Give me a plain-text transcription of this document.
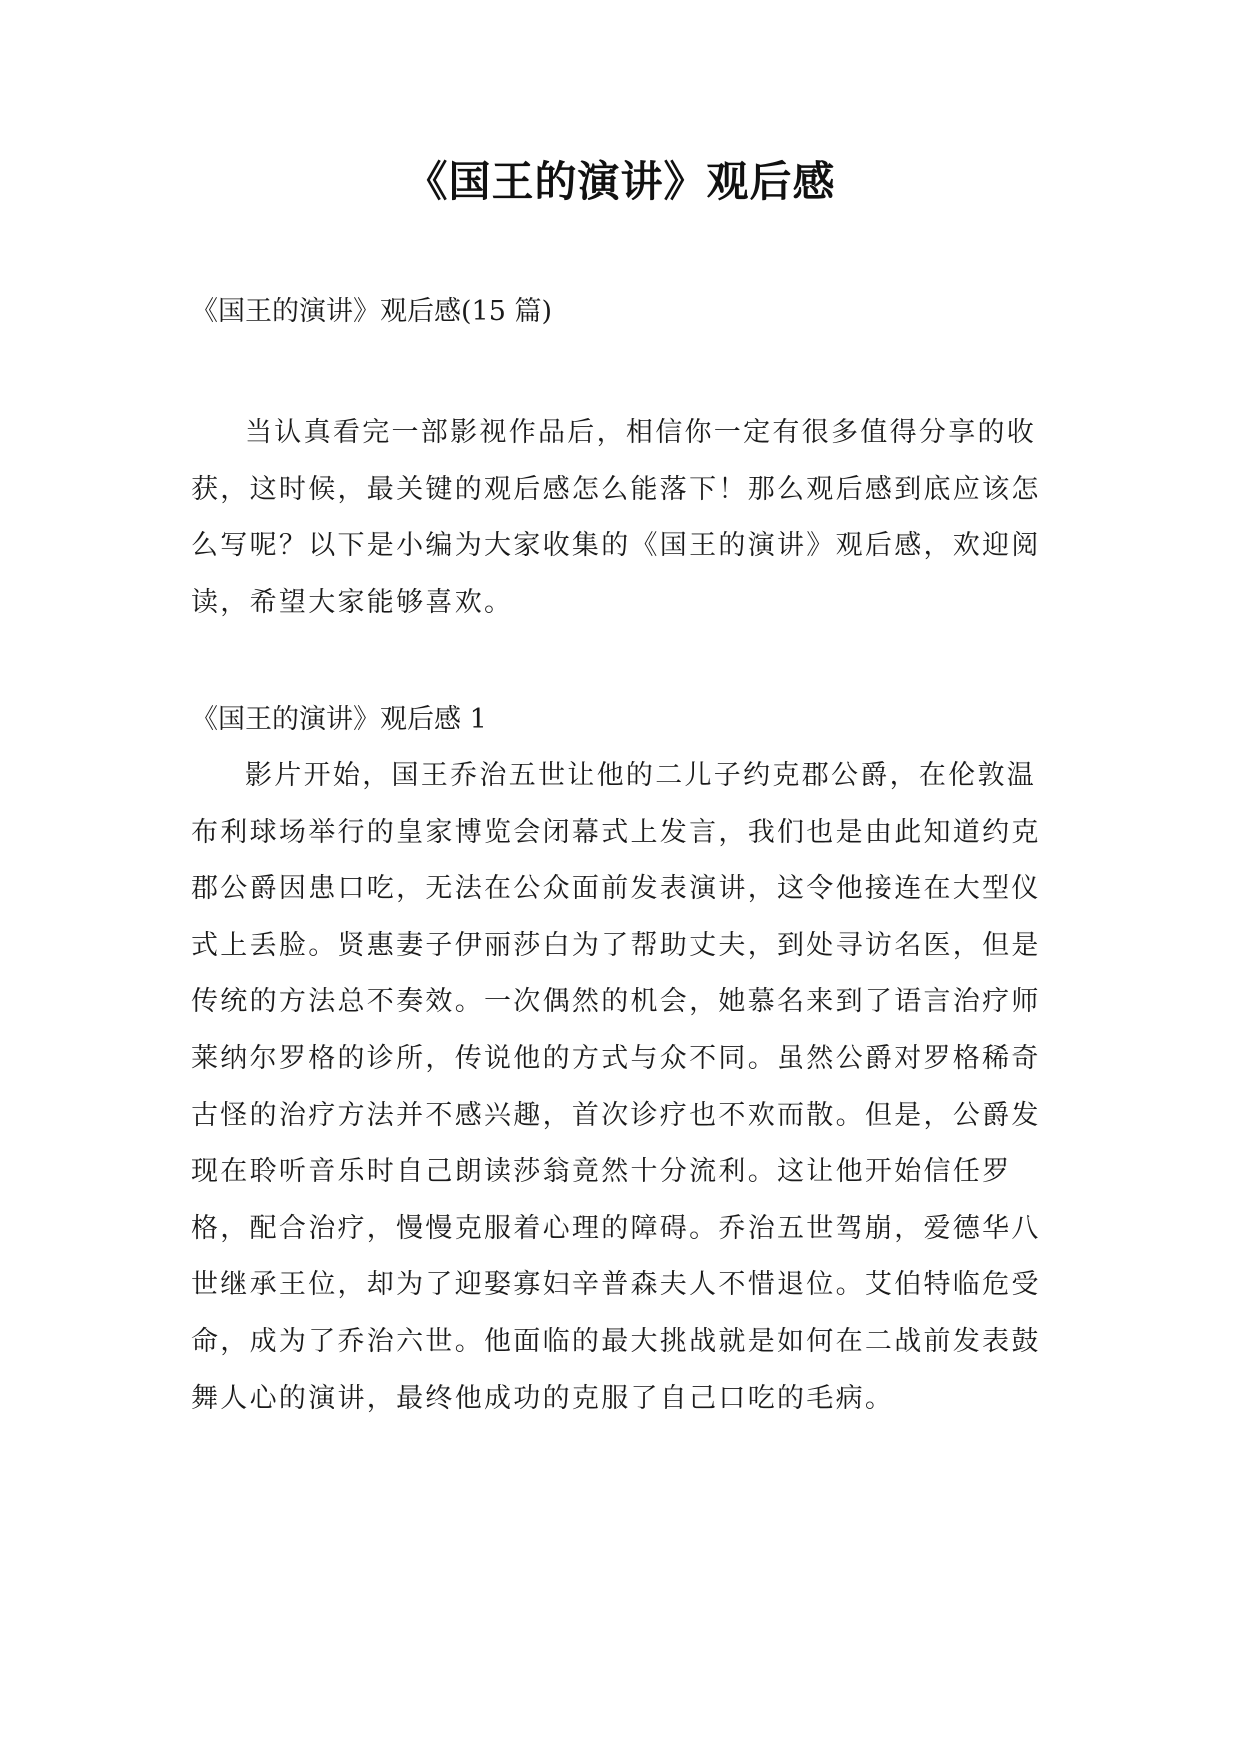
《国王的演讲》观后感

《国王的演讲》观后感(15 篇)

当认真看完一部影视作品后，相信你一定有很多值得分享的收获，这时候，最关键的观后感怎么能落下！那么观后感到底应该怎么写呢？以下是小编为大家收集的《国王的演讲》观后感，欢迎阅读，希望大家能够喜欢。

《国王的演讲》观后感 1

影片开始，国王乔治五世让他的二儿子约克郡公爵，在伦敦温布利球场举行的皇家博览会闭幕式上发言，我们也是由此知道约克郡公爵因患口吃，无法在公众面前发表演讲，这令他接连在大型仪式上丢脸。贤惠妻子伊丽莎白为了帮助丈夫，到处寻访名医，但是传统的方法总不奏效。一次偶然的机会，她慕名来到了语言治疗师莱纳尔罗格的诊所，传说他的方式与众不同。虽然公爵对罗格稀奇古怪的治疗方法并不感兴趣，首次诊疗也不欢而散。但是，公爵发现在聆听音乐时自己朗读莎翁竟然十分流利。这让他开始信任罗格，配合治疗，慢慢克服着心理的障碍。乔治五世驾崩，爱德华八世继承王位，却为了迎娶寡妇辛普森夫人不惜退位。艾伯特临危受命，成为了乔治六世。他面临的最大挑战就是如何在二战前发表鼓舞人心的演讲，最终他成功的克服了自己口吃的毛病。
